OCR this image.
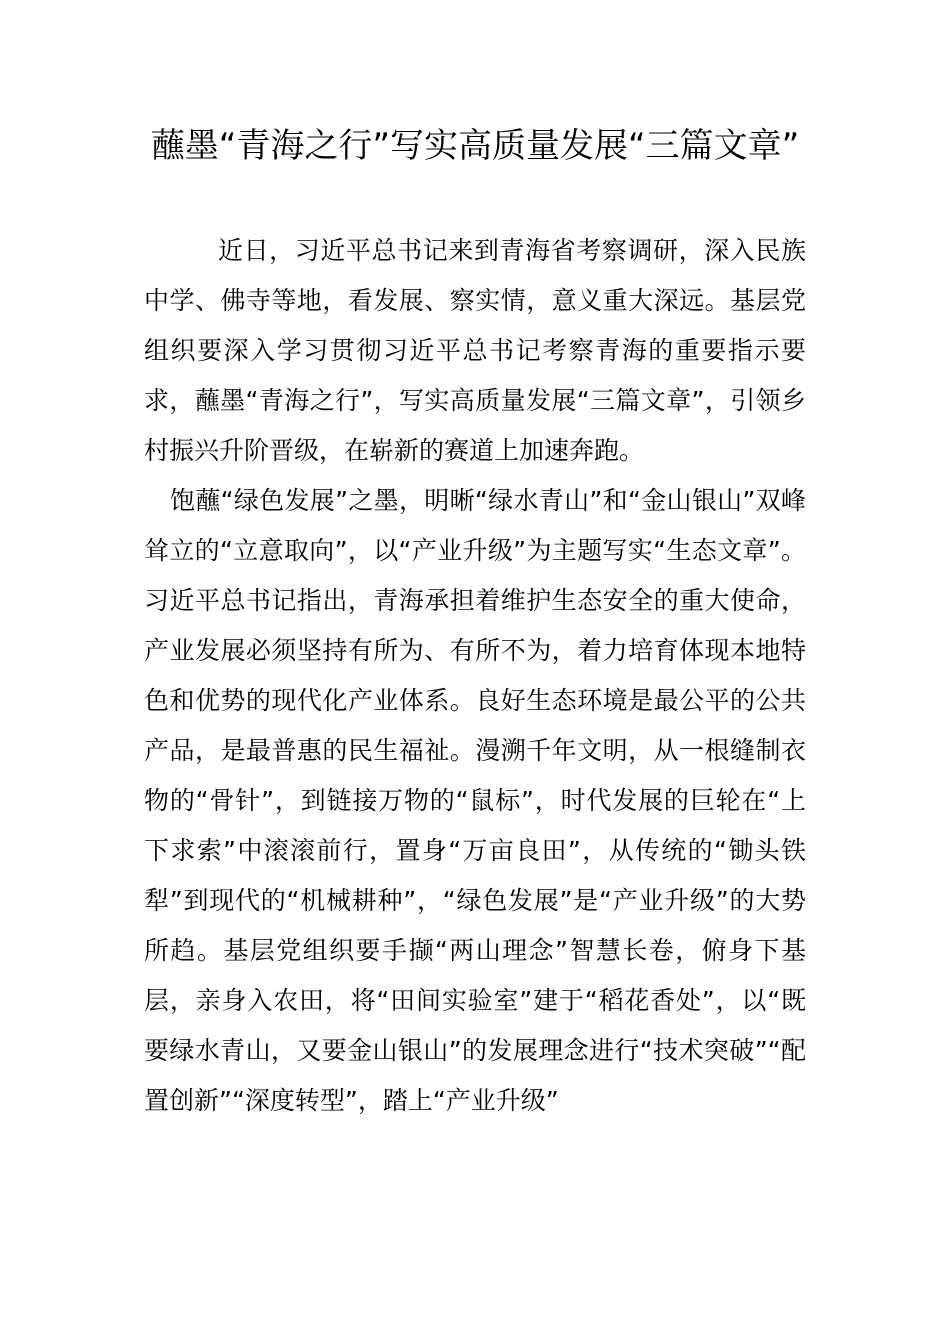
蘸墨“青海之行”写实高质量发展“三篇文章”

近日，习近平总书记来到青海省考察调研，深入民族中学、佛寺等地，看发展、察实情，意义重大深远。基层党组织要深入学习贯彻习近平总书记考察青海的重要指示要求，蘸墨“青海之行”，写实高质量发展“三篇文章”，引领乡村振兴升阶晋级，在崭新的赛道上加速奔跑。

饱蘸“绿色发展”之墨，明晰“绿水青山”和“金山银山”双峰耸立的“立意取向”，以“产业升级”为主题写实“生态文章”。习近平总书记指出，青海承担着维护生态安全的重大使命，产业发展必须坚持有所为、有所不为，着力培育体现本地特色和优势的现代化产业体系。良好生态环境是最公平的公共产品，是最普惠的民生福祉。漫溯千年文明，从一根缝制衣物的“骨针”，到链接万物的“鼠标”，时代发展的巨轮在“上下求索”中滚滚前行，置身“万亩良田”，从传统的“锄头铁犁”到现代的“机械耕种”，“绿色发展”是“产业升级”的大势所趋。基层党组织要手撷“两山理念”智慧长卷，俯身下基层，亲身入农田，将“田间实验室”建于“稻花香处”，以“既要绿水青山，又要金山银山”的发展理念进行“技术突破”“配置创新”“深度转型”，踏上“产业升级”
